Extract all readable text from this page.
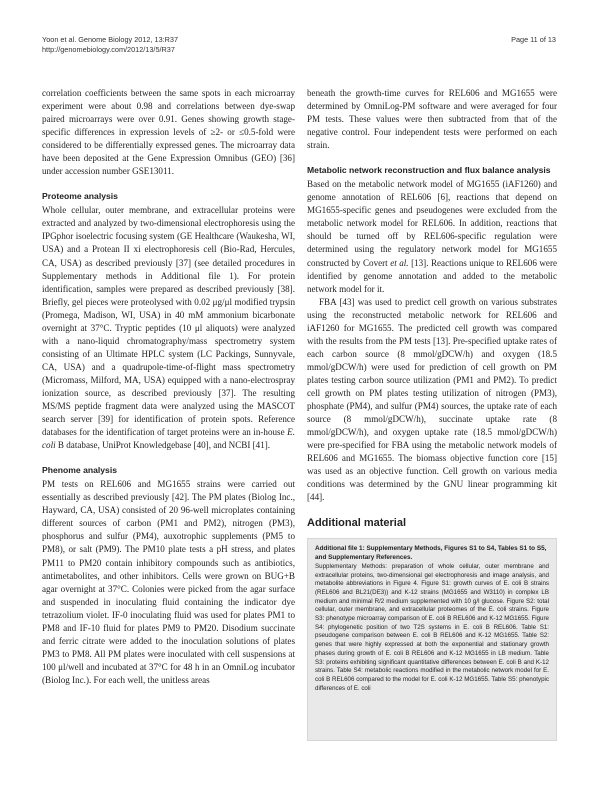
Yoon et al. Genome Biology 2012, 13:R37
http://genomebiology.com/2012/13/5/R37
Page 11 of 13

correlation coefficients between the same spots in each microarray experiment were about 0.98 and correlations between dye-swap paired microarrays were over 0.91. Genes showing growth stage-specific differences in expression levels of ≥2- or ≤0.5-fold were considered to be differentially expressed genes. The microarray data have been deposited at the Gene Expression Omnibus (GEO) [36] under accession number GSE13011.

Proteome analysis

Whole cellular, outer membrane, and extracellular proteins were extracted and analyzed by two-dimensional electrophoresis using the IPGphor isoelectric focusing system (GE Healthcare (Waukesha, WI, USA) and a Protean II xi electrophoresis cell (Bio-Rad, Hercules, CA, USA) as described previously [37] (see detailed procedures in Supplementary methods in Additional file 1). For protein identification, samples were prepared as described previously [38]. Briefly, gel pieces were proteolysed with 0.02 μg/μl modified trypsin (Promega, Madison, WI, USA) in 40 mM ammonium bicarbonate overnight at 37°C. Tryptic peptides (10 μl aliquots) were analyzed with a nano-liquid chromatography/mass spectrometry system consisting of an Ultimate HPLC system (LC Packings, Sunnyvale, CA, USA) and a quadrupole-time-of-flight mass spectrometry (Micromass, Milford, MA, USA) equipped with a nano-electrospray ionization source, as described previously [37]. The resulting MS/MS peptide fragment data were analyzed using the MASCOT search server [39] for identification of protein spots. Reference databases for the identification of target proteins were an in-house E. coli B database, UniProt Knowledgebase [40], and NCBI [41].

Phenome analysis

PM tests on REL606 and MG1655 strains were carried out essentially as described previously [42]. The PM plates (Biolog Inc., Hayward, CA, USA) consisted of 20 96-well microplates containing different sources of carbon (PM1 and PM2), nitrogen (PM3), phosphorus and sulfur (PM4), auxotrophic supplements (PM5 to PM8), or salt (PM9). The PM10 plate tests a pH stress, and plates PM11 to PM20 contain inhibitory compounds such as antibiotics, antimetabolites, and other inhibitors. Cells were grown on BUG+B agar overnight at 37°C. Colonies were picked from the agar surface and suspended in inoculating fluid containing the indicator dye tetrazolium violet. IF-0 inoculating fluid was used for plates PM1 to PM8 and IF-10 fluid for plates PM9 to PM20. Disodium succinate and ferric citrate were added to the inoculation solutions of plates PM3 to PM8. All PM plates were inoculated with cell suspensions at 100 μl/well and incubated at 37°C for 48 h in an OmniLog incubator (Biolog Inc.). For each well, the unitless areas

beneath the growth-time curves for REL606 and MG1655 were determined by OmniLog-PM software and were averaged for four PM tests. These values were then subtracted from that of the negative control. Four independent tests were performed on each strain.

Metabolic network reconstruction and flux balance analysis

Based on the metabolic network model of MG1655 (iAF1260) and genome annotation of REL606 [6], reactions that depend on MG1655-specific genes and pseudogenes were excluded from the metabolic network model for REL606. In addition, reactions that should be turned off by REL606-specific regulation were determined using the regulatory network model for MG1655 constructed by Covert et al. [13]. Reactions unique to REL606 were identified by genome annotation and added to the metabolic network model for it.

FBA [43] was used to predict cell growth on various substrates using the reconstructed metabolic network for REL606 and iAF1260 for MG1655. The predicted cell growth was compared with the results from the PM tests [13]. Pre-specified uptake rates of each carbon source (8 mmol/gDCW/h) and oxygen (18.5 mmol/gDCW/h) were used for prediction of cell growth on PM plates testing carbon source utilization (PM1 and PM2). To predict cell growth on PM plates testing utilization of nitrogen (PM3), phosphate (PM4), and sulfur (PM4) sources, the uptake rate of each source (8 mmol/gDCW/h), succinate uptake rate (8 mmol/gDCW/h), and oxygen uptake rate (18.5 mmol/gDCW/h) were pre-specified for FBA using the metabolic network models of REL606 and MG1655. The biomass objective function core [15] was used as an objective function. Cell growth on various media conditions was determined by the GNU linear programming kit [44].

Additional material
Additional file 1: Supplementary Methods, Figures S1 to S4, Tables S1 to S5, and Supplementary References.
Supplementary Methods: preparation of whole cellular, outer membrane and extracellular proteins, two-dimensional gel electrophoresis and image analysis, and metabolite abbreviations in Figure 4. Figure S1: growth curves of E. coli B strains (REL606 and BL21(DE3)) and K-12 strains (MG1655 and W3110) in complex LB medium and minimal R/2 medium supplemented with 10 g/l glucose. Figure S2: total cellular, outer membrane, and extracellular proteomes of the E. coli strains. Figure S3: phenotype microarray comparison of E. coli B REL606 and K-12 MG1655. Figure S4: phylogenetic position of two T2S systems in E. coli B REL606. Table S1: pseudogene comparison between E. coli B REL606 and K-12 MG1655. Table S2: genes that were highly expressed at both the exponential and stationary growth phases during growth of E. coli B REL606 and K-12 MG1655 in LB medium. Table S3: proteins exhibiting significant quantitative differences between E. coli B and K-12 strains. Table S4: metabolic reactions modified in the metabolic network model for E. coli B REL606 compared to the model for E. coli K-12 MG1655. Table S5: phenotypic differences of E. coli
